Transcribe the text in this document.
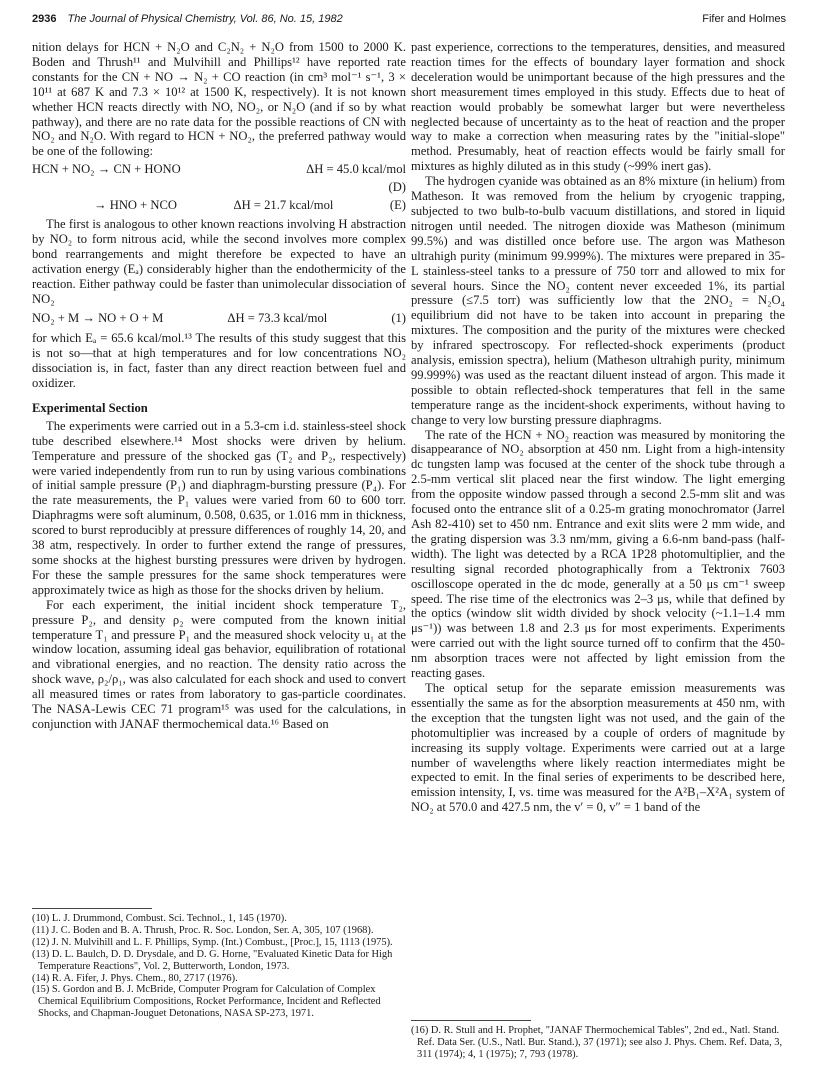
2936 The Journal of Physical Chemistry, Vol. 86, No. 15, 1982	Fifer and Holmes

nition delays for HCN + N₂O and C₂N₂ + N₂O from 1500 to 2000 K. Boden and Thrush¹¹ and Mulvihill and Phillips¹² have reported rate constants for the CN + NO → N₂ + CO reaction (in cm³ mol⁻¹ s⁻¹, 3 × 10¹¹ at 687 K and 7.3 × 10¹² at 1500 K, respectively). It is not known whether HCN reacts directly with NO, NO₂, or N₂O (and if so by what pathway), and there are no rate data for the possible reactions of CN with NO₂ and N₂O. With regard to HCN + NO₂, the preferred pathway would be one of the following:

HCN + NO₂ → CN + HONO	ΔH = 45.0 kcal/mol
(D)
→ HNO + NCO	ΔH = 21.7 kcal/mol	(E)

The first is analogous to other known reactions involving H abstraction by NO₂ to form nitrous acid, while the second involves more complex bond rearrangements and might therefore be expected to have an activation energy (Eₐ) considerably higher than the endothermicity of the reaction. Either pathway could be faster than unimolecular dissociation of NO₂

NO₂ + M → NO + O + M	ΔH = 73.3 kcal/mol	(1)

for which Eₐ = 65.6 kcal/mol.¹³ The results of this study suggest that this is not so—that at high temperatures and for low concentrations NO₂ dissociation is, in fact, faster than any direct reaction between fuel and oxidizer.

Experimental Section

The experiments were carried out in a 5.3-cm i.d. stainless-steel shock tube described elsewhere.¹⁴ Most shocks were driven by helium. Temperature and pressure of the shocked gas (T₂ and P₂, respectively) were varied independently from run to run by using various combinations of initial sample pressure (P₁) and diaphragm-bursting pressure (P₄). For the rate measurements, the P₁ values were varied from 60 to 600 torr. Diaphragms were soft aluminum, 0.508, 0.635, or 1.016 mm in thickness, scored to burst reproducibly at pressure differences of roughly 14, 20, and 38 atm, respectively. In order to further extend the range of pressures, some shocks at the highest bursting pressures were driven by hydrogen. For these the sample pressures for the same shock temperatures were approximately twice as high as those for the shocks driven by helium.

For each experiment, the initial incident shock temperature T₂, pressure P₂, and density ρ₂ were computed from the known initial temperature T₁ and pressure P₁ and the measured shock velocity u₁ at the window location, assuming ideal gas behavior, equilibration of rotational and vibrational energies, and no reaction. The density ratio across the shock wave, ρ₂/ρ₁, was also calculated for each shock and used to convert all measured times or rates from laboratory to gas-particle coordinates. The NASA-Lewis CEC 71 program¹⁵ was used for the calculations, in conjunction with JANAF thermochemical data.¹⁶ Based on

(10) L. J. Drummond, Combust. Sci. Technol., 1, 145 (1970).

(11) J. C. Boden and B. A. Thrush, Proc. R. Soc. London, Ser. A, 305, 107 (1968).

(12) J. N. Mulvihill and L. F. Phillips, Symp. (Int.) Combust., [Proc.], 15, 1113 (1975).

(13) D. L. Baulch, D. D. Drysdale, and D. G. Horne, "Evaluated Kinetic Data for High Temperature Reactions", Vol. 2, Butterworth, London, 1973.

(14) R. A. Fifer, J. Phys. Chem., 80, 2717 (1976).

(15) S. Gordon and B. J. McBride, Computer Program for Calculation of Complex Chemical Equilibrium Compositions, Rocket Performance, Incident and Reflected Shocks, and Chapman-Jouguet Detonations, NASA SP-273, 1971.

past experience, corrections to the temperatures, densities, and measured reaction times for the effects of boundary layer formation and shock deceleration would be unimportant because of the high pressures and the short measurement times employed in this study. Effects due to heat of reaction would probably be somewhat larger but were nevertheless neglected because of uncertainty as to the heat of reaction and the proper way to make a correction when measuring rates by the "initial-slope" method. Presumably, heat of reaction effects would be fairly small for mixtures as highly diluted as in this study (~99% inert gas).

The hydrogen cyanide was obtained as an 8% mixture (in helium) from Matheson. It was removed from the helium by cryogenic trapping, subjected to two bulb-to-bulb vacuum distillations, and stored in liquid nitrogen until needed. The nitrogen dioxide was Matheson (minimum 99.5%) and was distilled once before use. The argon was Matheson ultrahigh purity (minimum 99.999%). The mixtures were prepared in 35-L stainless-steel tanks to a pressure of 750 torr and allowed to mix for several hours. Since the NO₂ content never exceeded 1%, its partial pressure (≤7.5 torr) was sufficiently low that the 2NO₂ = N₂O₄ equilibrium did not have to be taken into account in preparing the mixtures. The composition and the purity of the mixtures were checked by infrared spectroscopy. For reflected-shock experiments (product analysis, emission spectra), helium (Matheson ultrahigh purity, minimum 99.999%) was used as the reactant diluent instead of argon. This made it possible to obtain reflected-shock temperatures that fell in the same temperature range as the incident-shock experiments, without having to change to very low bursting pressure diaphragms.

The rate of the HCN + NO₂ reaction was measured by monitoring the disappearance of NO₂ absorption at 450 nm. Light from a high-intensity dc tungsten lamp was focused at the center of the shock tube through a 2.5-mm vertical slit placed near the first window. The light emerging from the opposite window passed through a second 2.5-mm slit and was focused onto the entrance slit of a 0.25-m grating monochromator (Jarrel Ash 82-410) set to 450 nm. Entrance and exit slits were 2 mm wide, and the grating dispersion was 3.3 nm/mm, giving a 6.6-nm band-pass (half-width). The light was detected by a RCA 1P28 photomultiplier, and the resulting signal recorded photographically from a Tektronix 7603 oscilloscope operated in the dc mode, generally at a 50 μs cm⁻¹ sweep speed. The rise time of the electronics was 2–3 μs, while that defined by the optics (window slit width divided by shock velocity (~1.1–1.4 mm μs⁻¹)) was between 1.8 and 2.3 μs for most experiments. Experiments were carried out with the light source turned off to confirm that the 450-nm absorption traces were not affected by light emission from the reacting gases.

The optical setup for the separate emission measurements was essentially the same as for the absorption measurements at 450 nm, with the exception that the tungsten light was not used, and the gain of the photomultiplier was increased by a couple of orders of magnitude by increasing its supply voltage. Experiments were carried out at a large number of wavelengths where likely reaction intermediates might be expected to emit. In the final series of experiments to be described here, emission intensity, I, vs. time was measured for the A²B₁–X²A₁ system of NO₂ at 570.0 and 427.5 nm, the v′ = 0, v″ = 1 band of the

(16) D. R. Stull and H. Prophet, "JANAF Thermochemical Tables", 2nd ed., Natl. Stand. Ref. Data Ser. (U.S., Natl. Bur. Stand.), 37 (1971); see also J. Phys. Chem. Ref. Data, 3, 311 (1974); 4, 1 (1975); 7, 793 (1978).
